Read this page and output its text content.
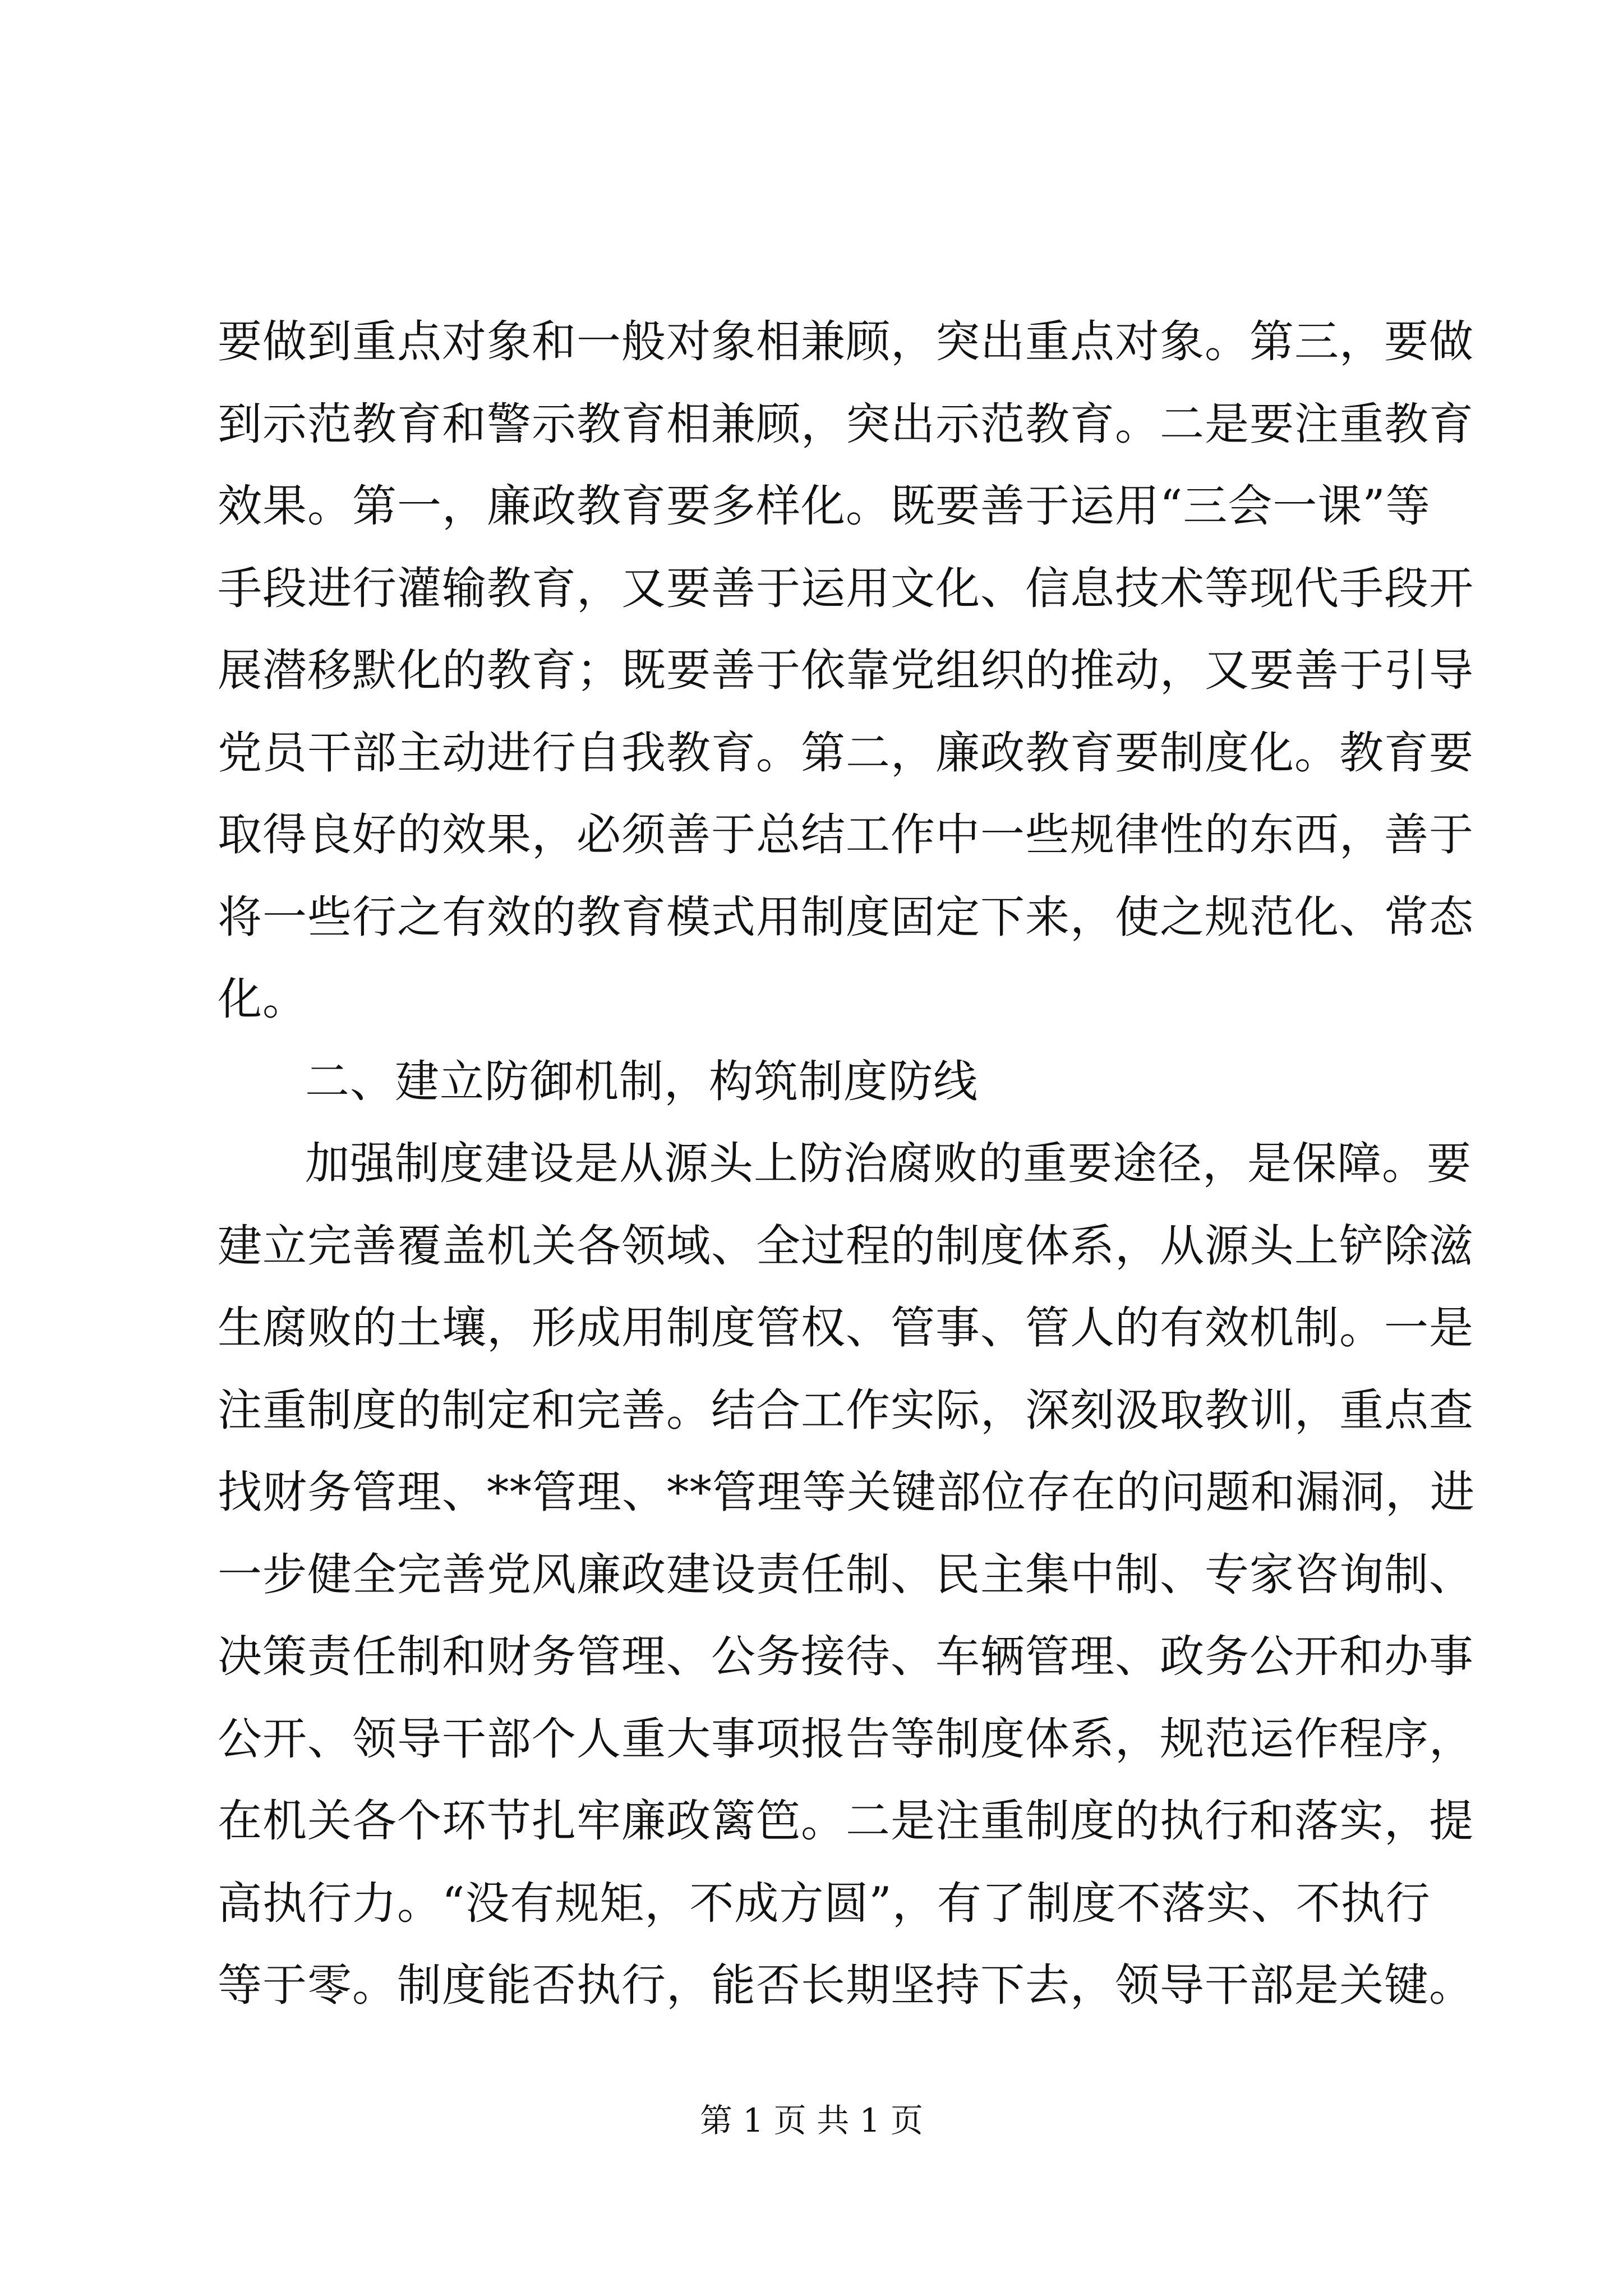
要做到重点对象和一般对象相兼顾，突出重点对象。第三，要做
到示范教育和警示教育相兼顾，突出示范教育。二是要注重教育
效果。第一，廉政教育要多样化。既要善于运用“三会一课”等
手段进行灌输教育，又要善于运用文化、信息技术等现代手段开
展潜移默化的教育；既要善于依靠党组织的推动，又要善于引导
党员干部主动进行自我教育。第二，廉政教育要制度化。教育要
取得良好的效果，必须善于总结工作中一些规律性的东西，善于
将一些行之有效的教育模式用制度固定下来，使之规范化、常态
化。
二、建立防御机制，构筑制度防线
加强制度建设是从源头上防治腐败的重要途径，是保障。要
建立完善覆盖机关各领域、全过程的制度体系，从源头上铲除滋
生腐败的土壤，形成用制度管权、管事、管人的有效机制。一是
注重制度的制定和完善。结合工作实际，深刻汲取教训，重点查
找财务管理、**管理、**管理等关键部位存在的问题和漏洞，进
一步健全完善党风廉政建设责任制、民主集中制、专家咨询制、
决策责任制和财务管理、公务接待、车辆管理、政务公开和办事
公开、领导干部个人重大事项报告等制度体系，规范运作程序，
在机关各个环节扎牢廉政篱笆。二是注重制度的执行和落实，提
高执行力。“没有规矩，不成方圆”，有了制度不落实、不执行
等于零。制度能否执行，能否长期坚持下去，领导干部是关键。
第 1 页 共 1 页
